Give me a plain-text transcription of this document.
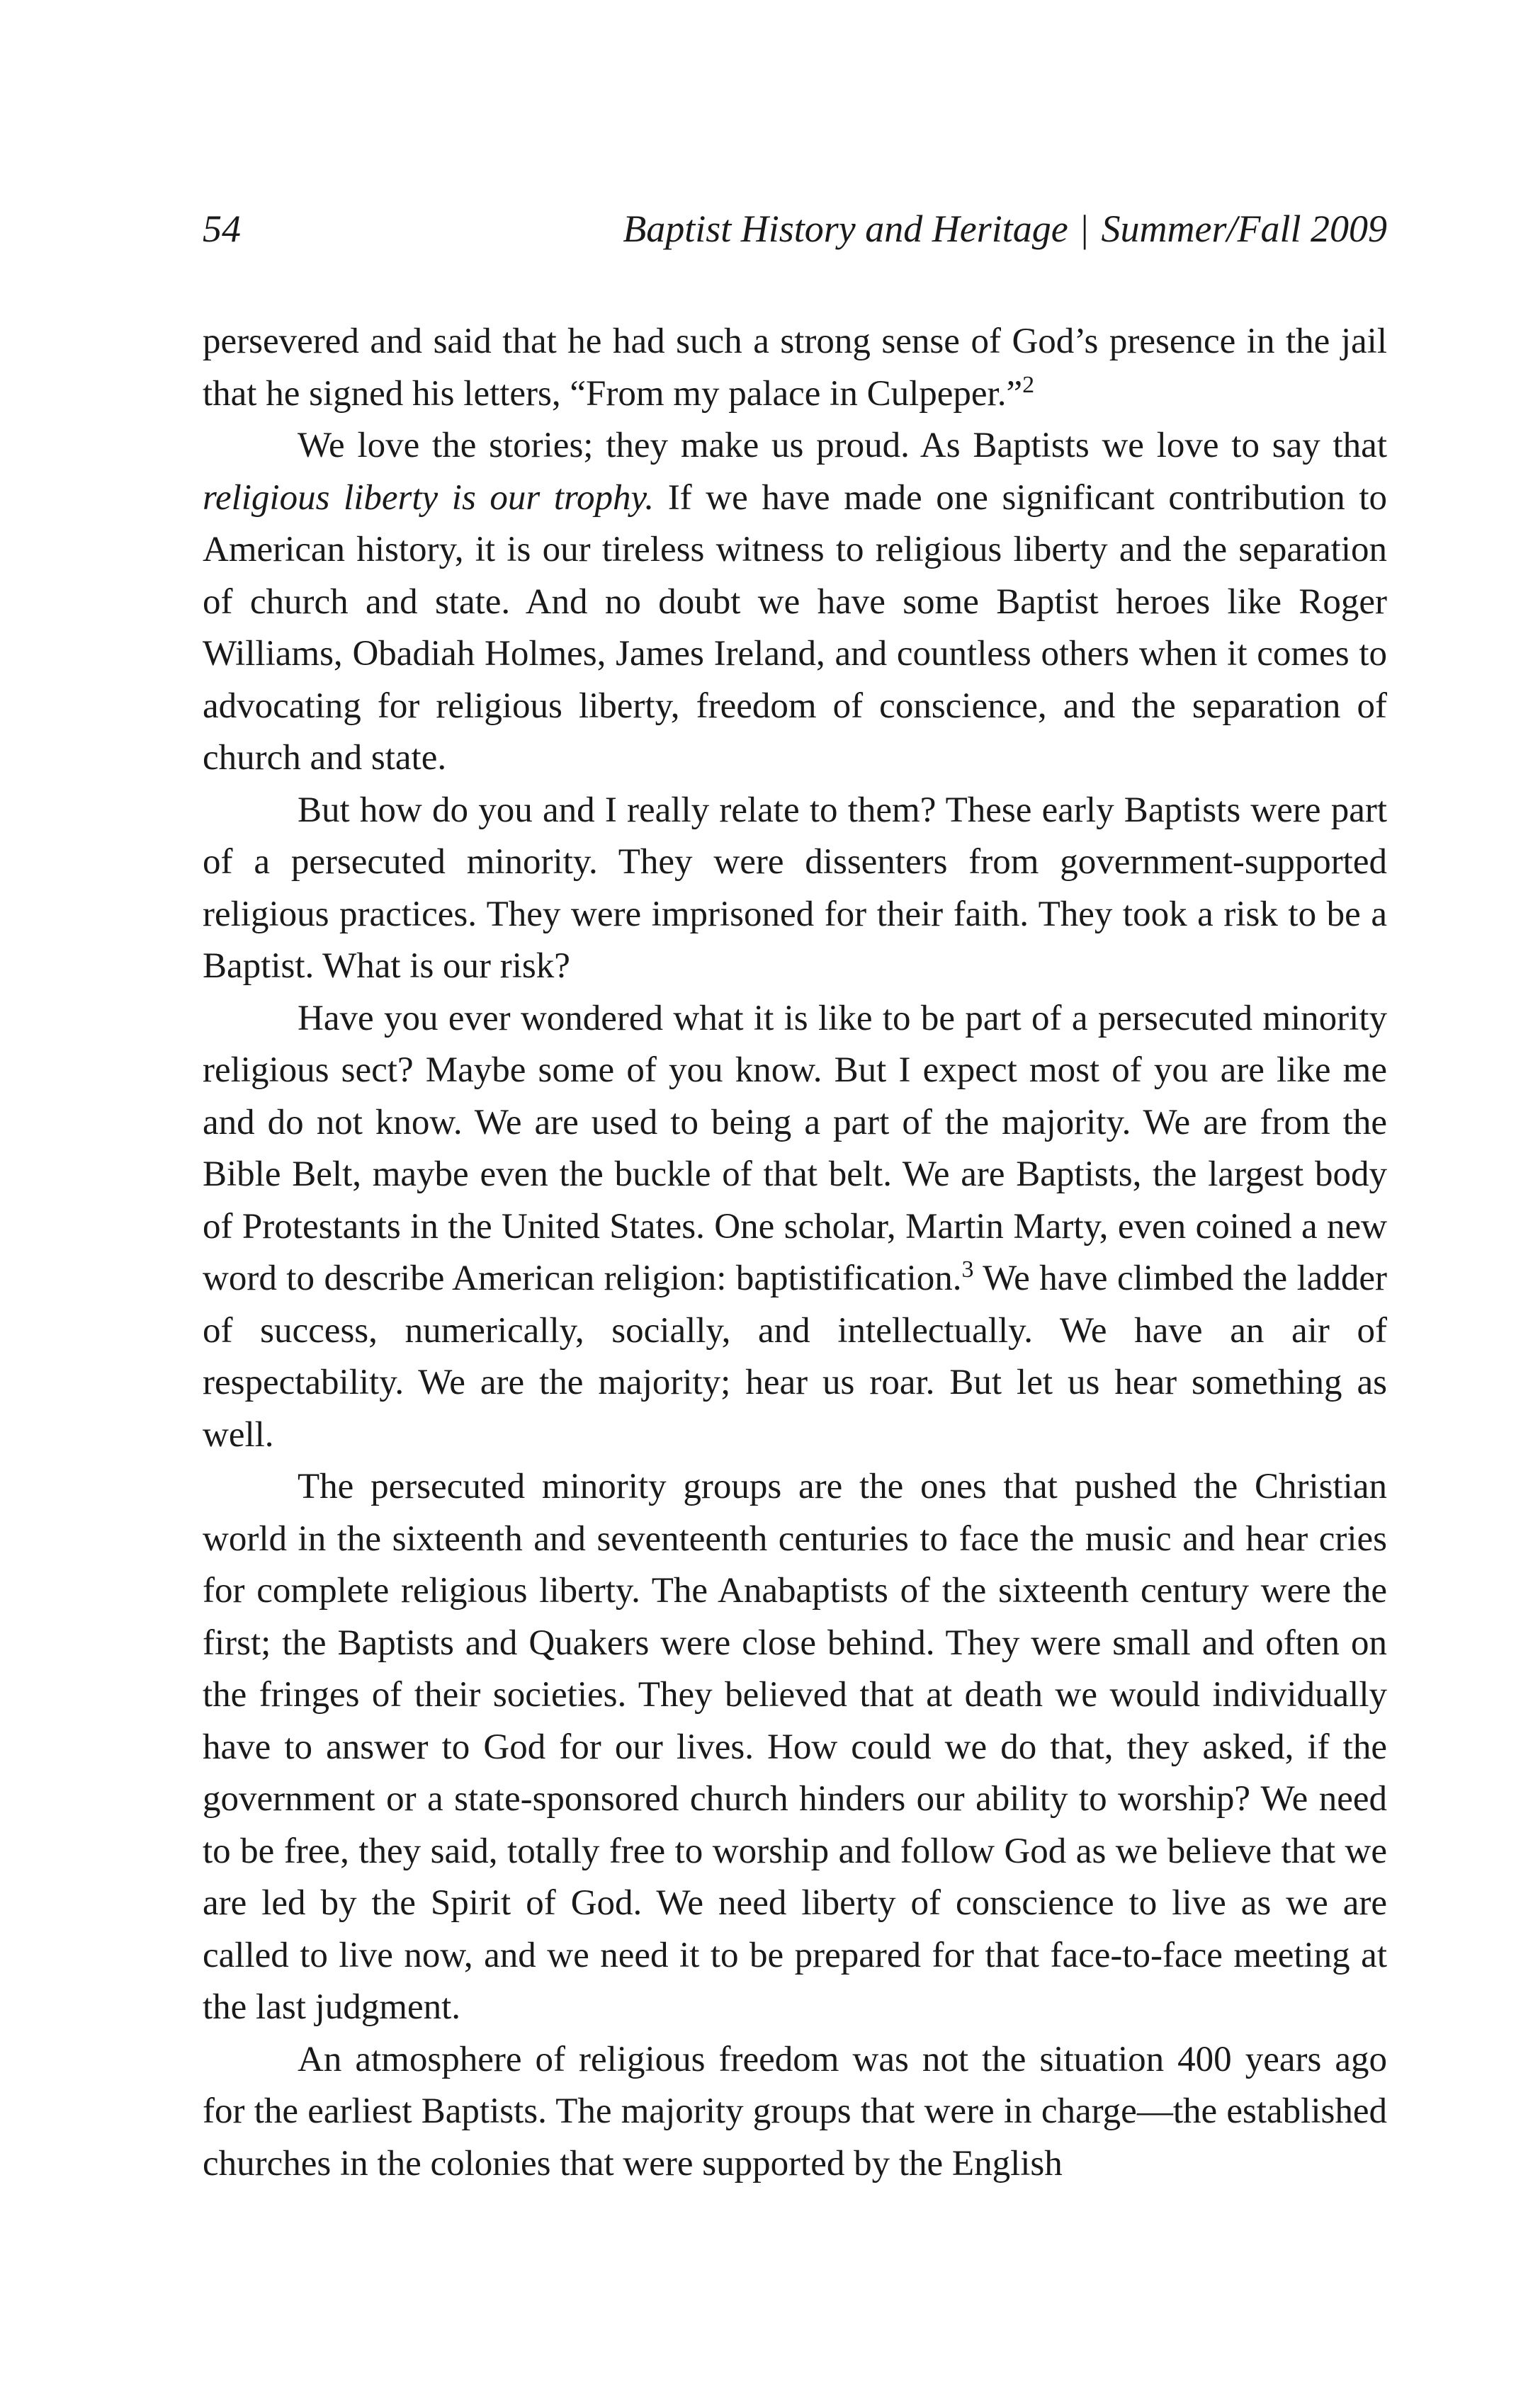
54	Baptist History and Heritage | Summer/Fall 2009

persevered and said that he had such a strong sense of God’s presence in the jail that he signed his letters, “From my palace in Culpeper.”$^2$

We love the stories; they make us proud. As Baptists we love to say that religious liberty is our trophy. If we have made one significant contribution to American history, it is our tireless witness to religious liberty and the separation of church and state. And no doubt we have some Baptist heroes like Roger Williams, Obadiah Holmes, James Ireland, and countless others when it comes to advocating for religious liberty, freedom of conscience, and the separation of church and state.

But how do you and I really relate to them? These early Baptists were part of a persecuted minority. They were dissenters from government-supported religious practices. They were imprisoned for their faith. They took a risk to be a Baptist. What is our risk?

Have you ever wondered what it is like to be part of a persecuted minority religious sect? Maybe some of you know. But I expect most of you are like me and do not know. We are used to being a part of the majority. We are from the Bible Belt, maybe even the buckle of that belt. We are Baptists, the largest body of Protestants in the United States. One scholar, Martin Marty, even coined a new word to describe American religion: baptistification.$^3$ We have climbed the ladder of success, numerically, socially, and intellectually. We have an air of respectability. We are the majority; hear us roar. But let us hear something as well.

The persecuted minority groups are the ones that pushed the Christian world in the sixteenth and seventeenth centuries to face the music and hear cries for complete religious liberty. The Anabaptists of the sixteenth century were the first; the Baptists and Quakers were close behind. They were small and often on the fringes of their societies. They believed that at death we would individually have to answer to God for our lives. How could we do that, they asked, if the government or a state-sponsored church hinders our ability to worship? We need to be free, they said, totally free to worship and follow God as we believe that we are led by the Spirit of God. We need liberty of conscience to live as we are called to live now, and we need it to be prepared for that face-to-face meeting at the last judgment.

An atmosphere of religious freedom was not the situation 400 years ago for the earliest Baptists. The majority groups that were in charge—the established churches in the colonies that were supported by the English
